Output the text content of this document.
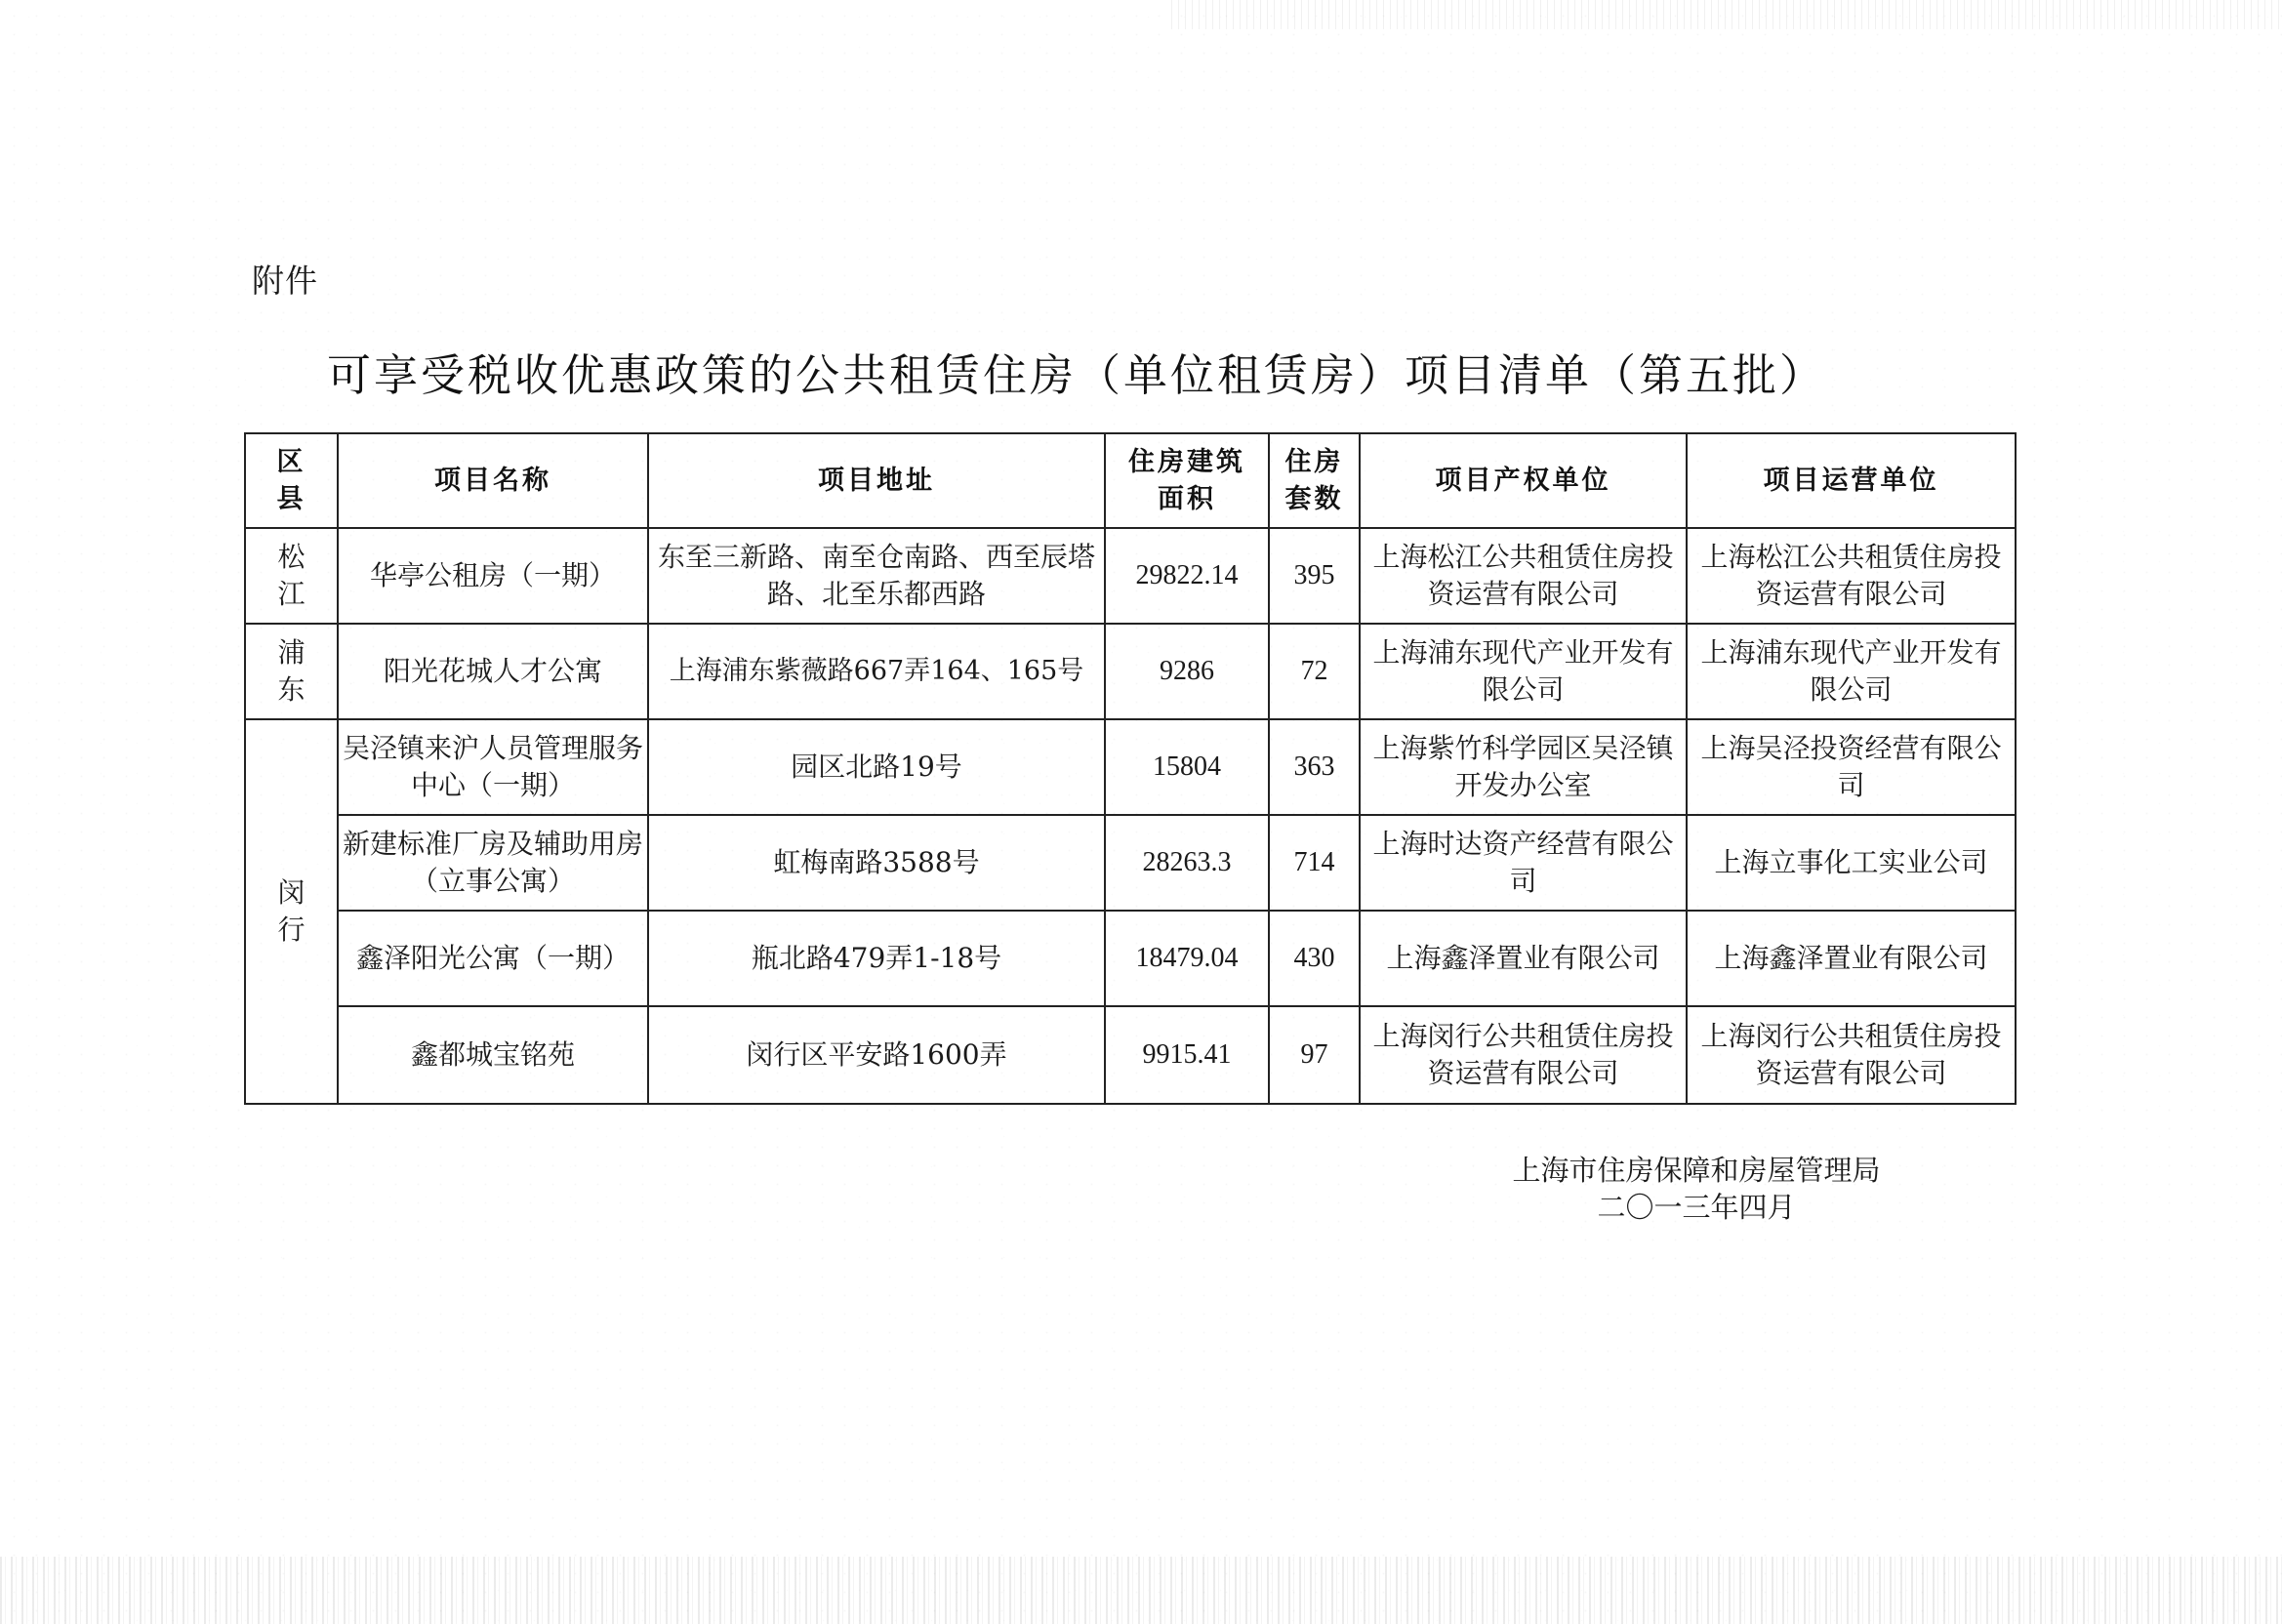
附件
可享受税收优惠政策的公共租赁住房（单位租赁房）项目清单（第五批）
区县	项目名称	项目地址	住房建筑面积	住房套数	项目产权单位	项目运营单位
松江	华亭公租房（一期）	东至三新路、南至仓南路、西至辰塔路、北至乐都西路	29822.14	395	上海松江公共租赁住房投资运营有限公司	上海松江公共租赁住房投资运营有限公司
浦东	阳光花城人才公寓	上海浦东紫薇路667弄164、165号	9286	72	上海浦东现代产业开发有限公司	上海浦东现代产业开发有限公司
闵行	吴泾镇来沪人员管理服务中心（一期）	园区北路19号	15804	363	上海紫竹科学园区吴泾镇开发办公室	上海吴泾投资经营有限公司
	新建标准厂房及辅助用房（立事公寓）	虹梅南路3588号	28263.3	714	上海时达资产经营有限公司	上海立事化工实业公司
	鑫泽阳光公寓（一期）	瓶北路479弄1-18号	18479.04	430	上海鑫泽置业有限公司	上海鑫泽置业有限公司
	鑫都城宝铭苑	闵行区平安路1600弄	9915.41	97	上海闵行公共租赁住房投资运营有限公司	上海闵行公共租赁住房投资运营有限公司
上海市住房保障和房屋管理局
二〇一三年四月
